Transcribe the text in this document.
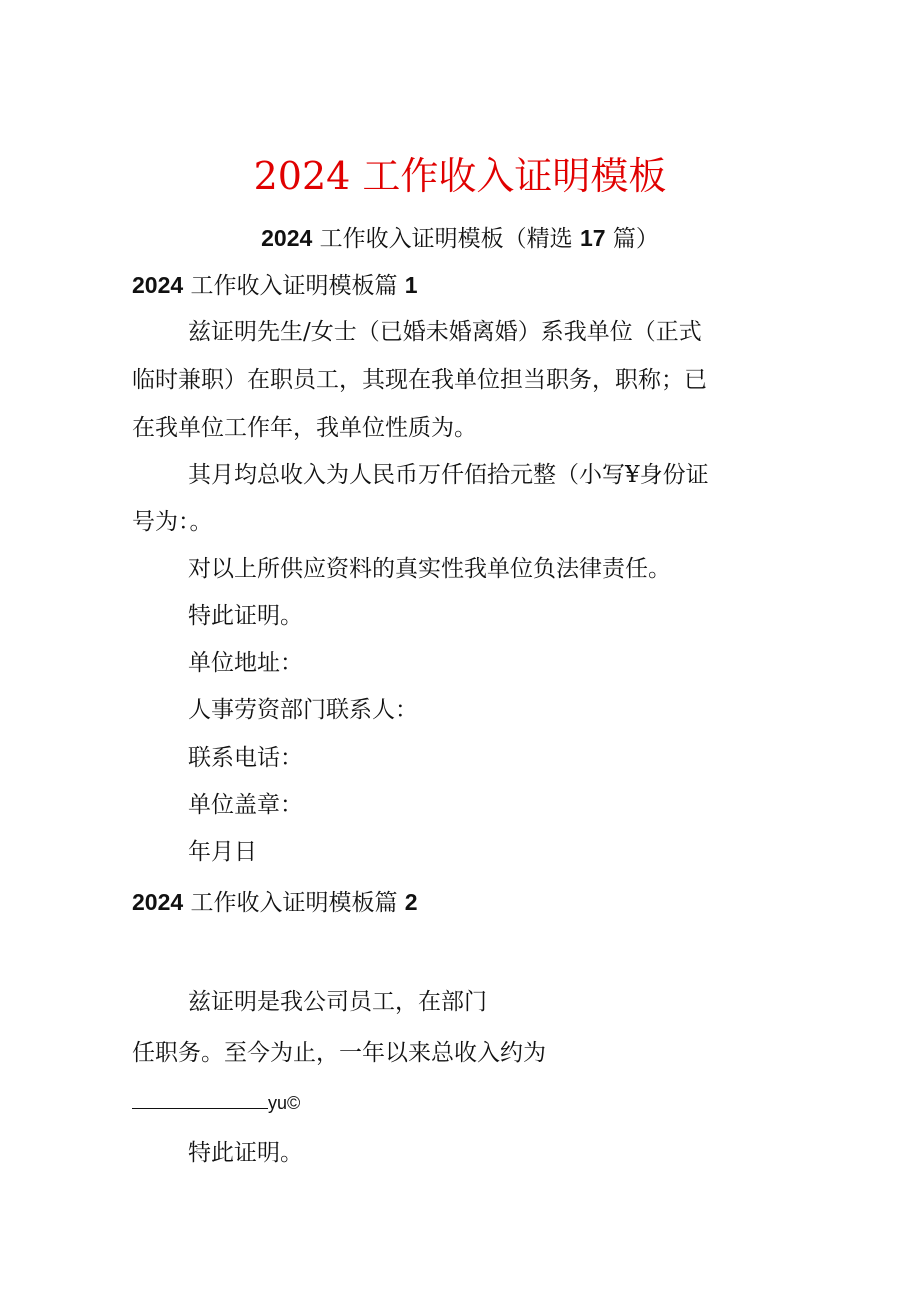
2024 工作收入证明模板
2024 工作收入证明模板（精选 17 篇）
2024 工作收入证明模板篇 1
兹证明先生/女士（已婚未婚离婚）系我单位（正式
临时兼职）在职员工，其现在我单位担当职务，职称；已
在我单位工作年，我单位性质为。
其月均总收入为人民币万仟佰拾元整（小写¥身份证
号为：。
对以上所供应资料的真实性我单位负法律责任。
特此证明。
单位地址：
人事劳资部门联系人：
联系电话：
单位盖章：
年月日
2024 工作收入证明模板篇 2
兹证明是我公司员工，在部门
任职务。至今为止，一年以来总收入约为
yu©
特此证明。
